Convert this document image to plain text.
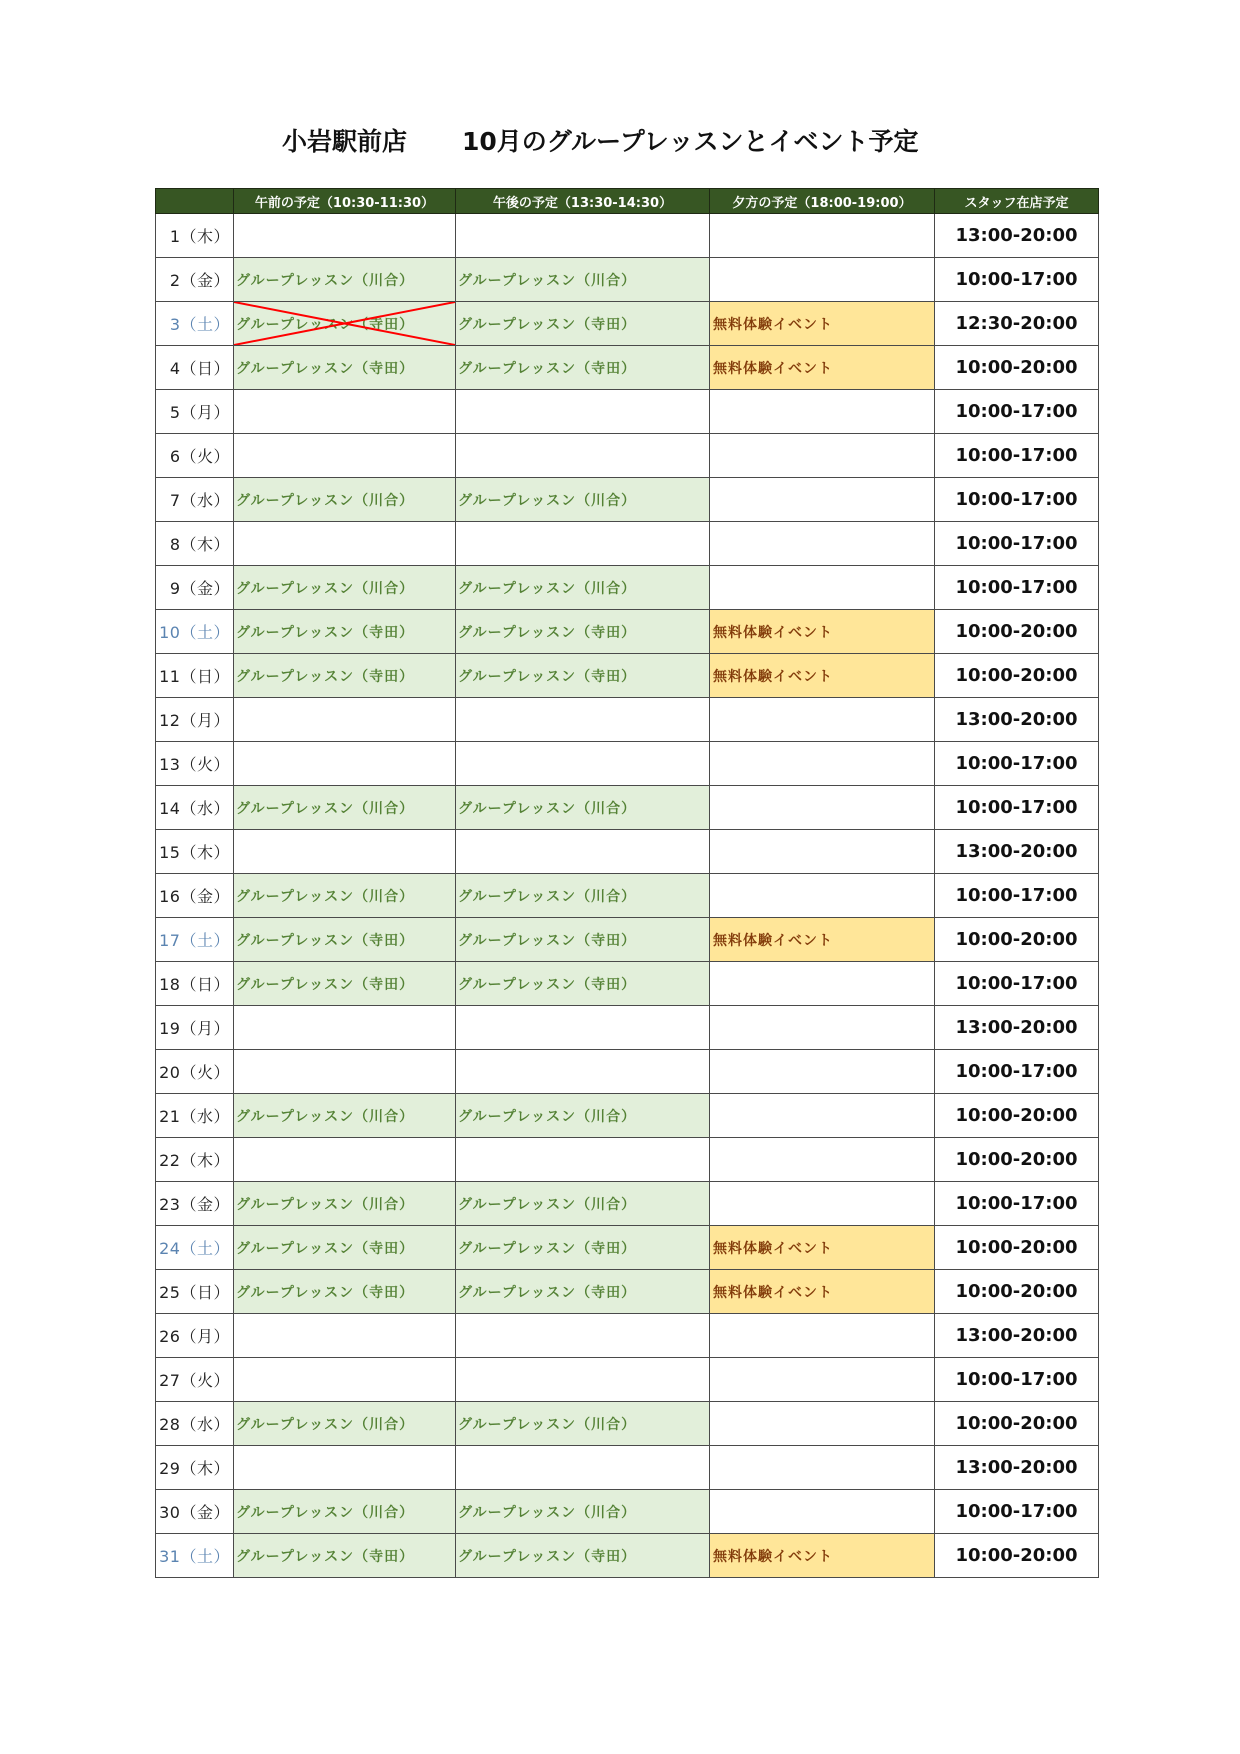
小岩駅前店 10月のグループレッスンとイベント予定
	午前の予定（10:30-11:30）	午後の予定（13:30-14:30）	夕方の予定（18:00-19:00）	スタッフ在店予定
1（木）				13:00-20:00
2（金）	グループレッスン（川合）	グループレッスン（川合）		10:00-17:00
3（土）	グループレッスン（寺田）	グループレッスン（寺田）	無料体験イベント	12:30-20:00
4（日）	グループレッスン（寺田）	グループレッスン（寺田）	無料体験イベント	10:00-20:00
5（月）				10:00-17:00
6（火）				10:00-17:00
7（水）	グループレッスン（川合）	グループレッスン（川合）		10:00-17:00
8（木）				10:00-17:00
9（金）	グループレッスン（川合）	グループレッスン（川合）		10:00-17:00
10（土）	グループレッスン（寺田）	グループレッスン（寺田）	無料体験イベント	10:00-20:00
11（日）	グループレッスン（寺田）	グループレッスン（寺田）	無料体験イベント	10:00-20:00
12（月）				13:00-20:00
13（火）				10:00-17:00
14（水）	グループレッスン（川合）	グループレッスン（川合）		10:00-17:00
15（木）				13:00-20:00
16（金）	グループレッスン（川合）	グループレッスン（川合）		10:00-17:00
17（土）	グループレッスン（寺田）	グループレッスン（寺田）	無料体験イベント	10:00-20:00
18（日）	グループレッスン（寺田）	グループレッスン（寺田）		10:00-17:00
19（月）				13:00-20:00
20（火）				10:00-17:00
21（水）	グループレッスン（川合）	グループレッスン（川合）		10:00-20:00
22（木）				10:00-20:00
23（金）	グループレッスン（川合）	グループレッスン（川合）		10:00-17:00
24（土）	グループレッスン（寺田）	グループレッスン（寺田）	無料体験イベント	10:00-20:00
25（日）	グループレッスン（寺田）	グループレッスン（寺田）	無料体験イベント	10:00-20:00
26（月）				13:00-20:00
27（火）				10:00-17:00
28（水）	グループレッスン（川合）	グループレッスン（川合）		10:00-20:00
29（木）				13:00-20:00
30（金）	グループレッスン（川合）	グループレッスン（川合）		10:00-17:00
31（土）	グループレッスン（寺田）	グループレッスン（寺田）	無料体験イベント	10:00-20:00
